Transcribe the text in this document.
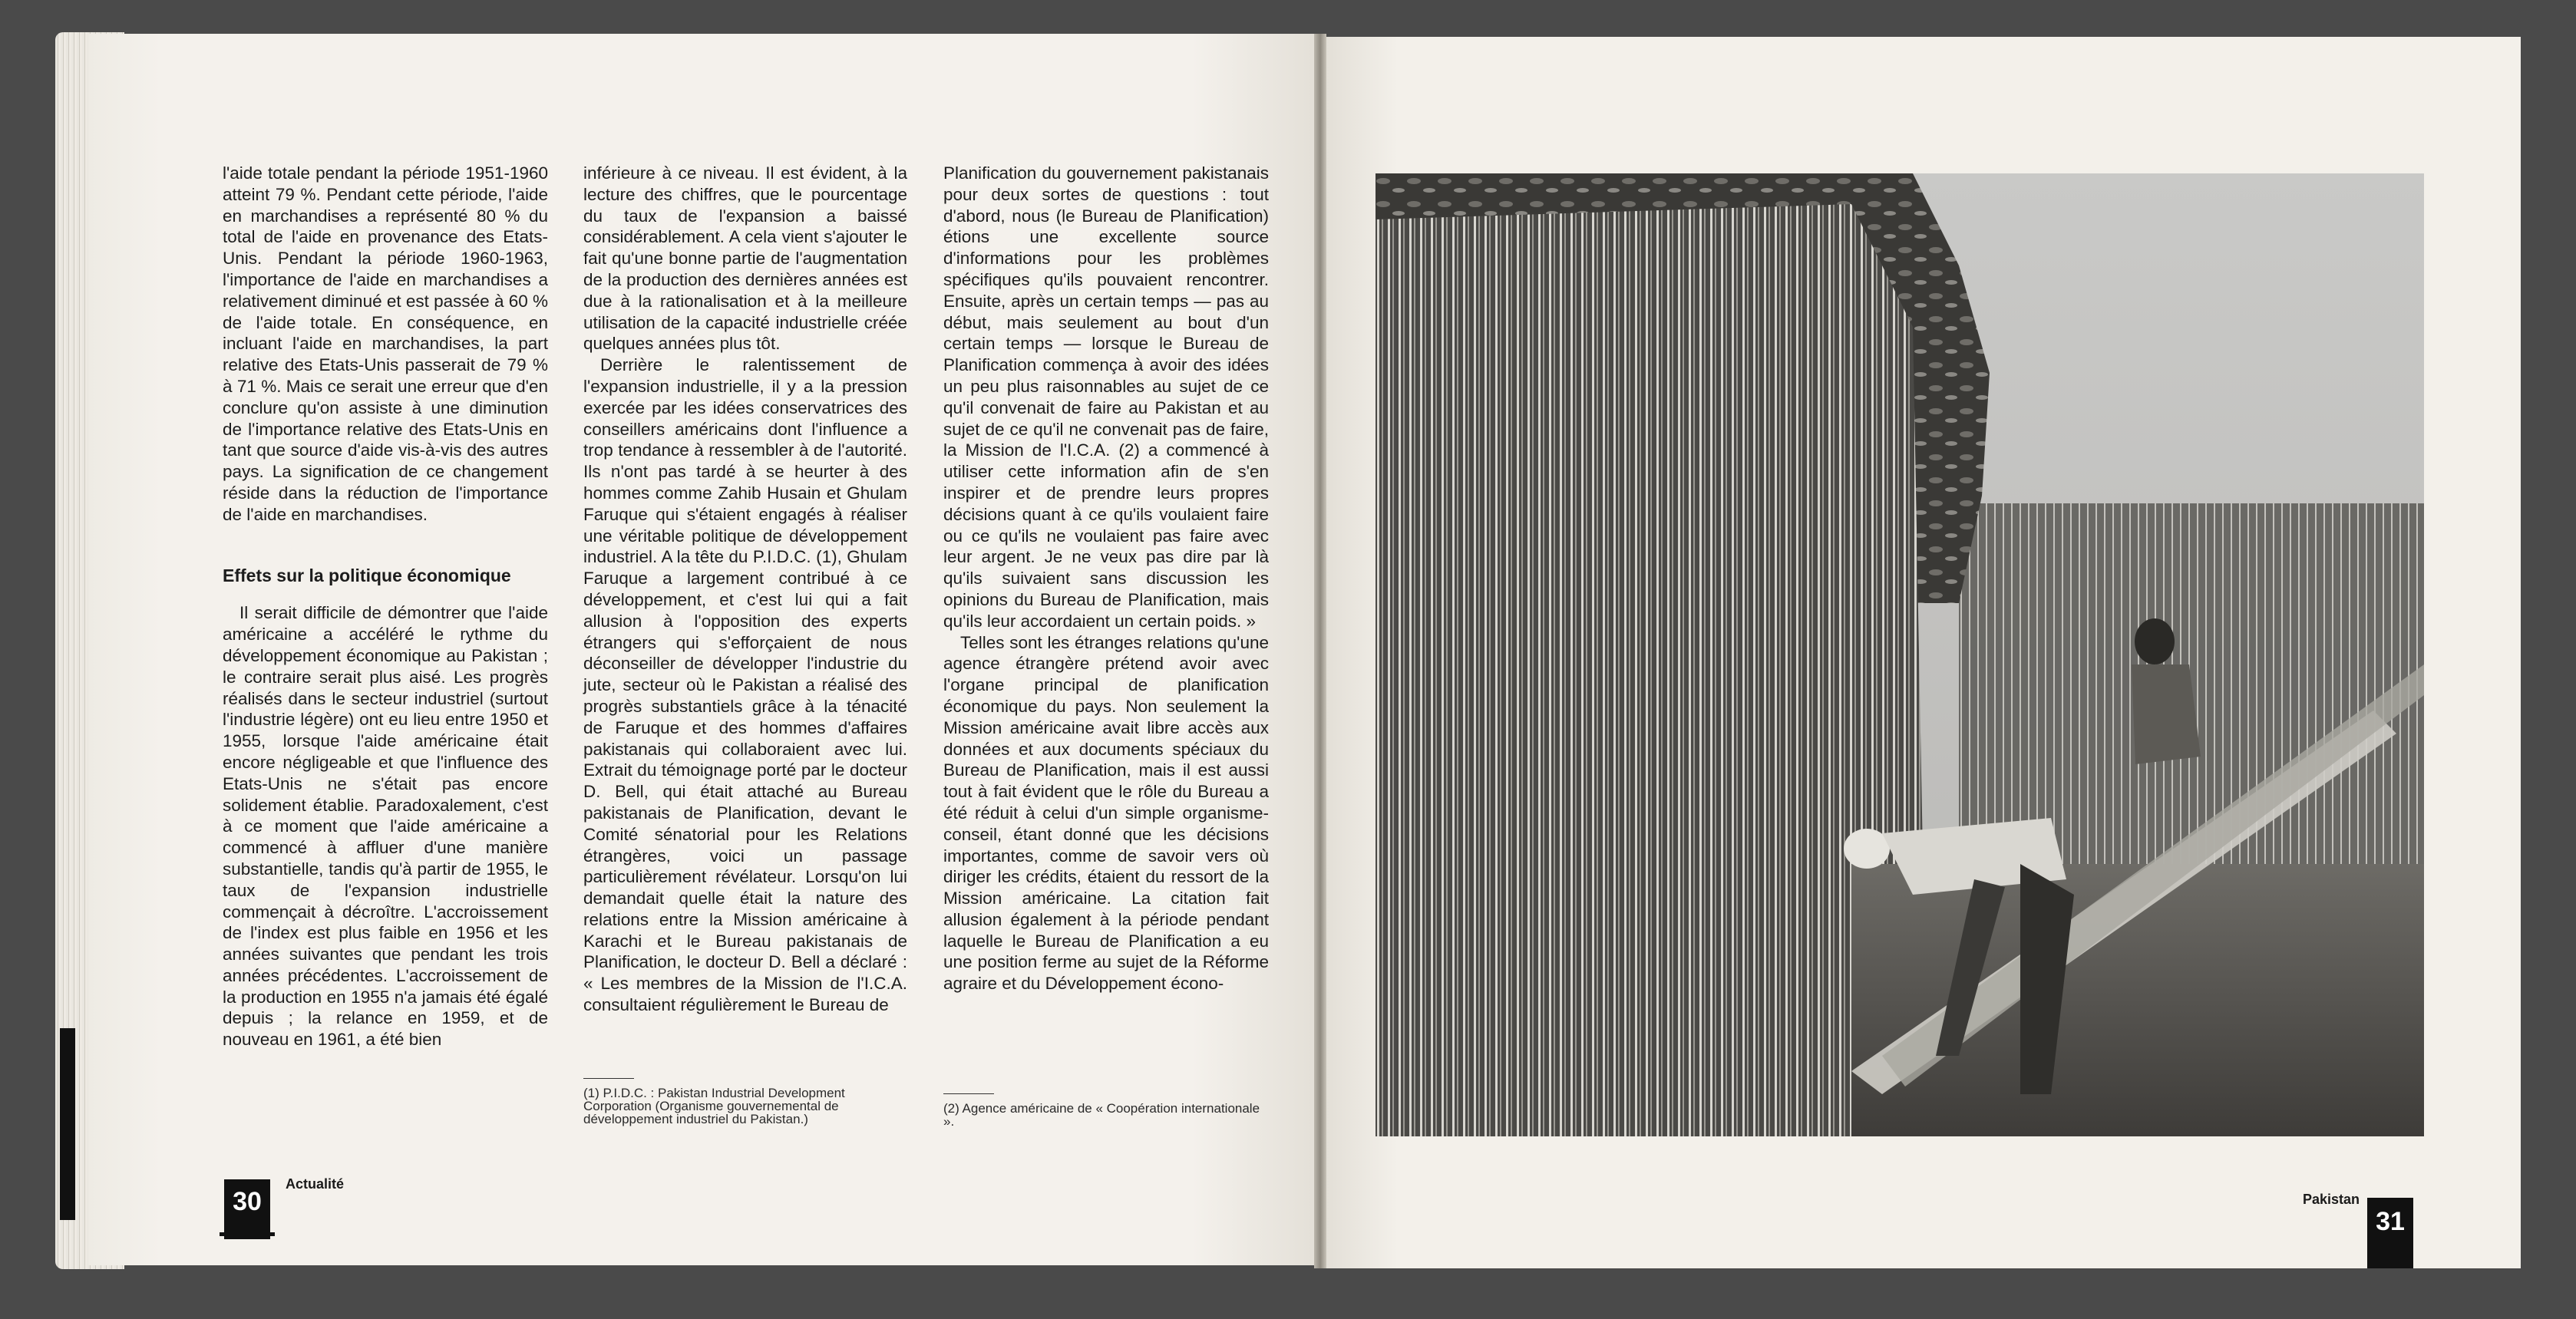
l'aide totale pendant la période 1951-1960 atteint 79 %. Pendant cette période, l'aide en marchandises a représenté 80 % du total de l'aide en provenance des Etats-Unis. Pendant la période 1960-1963, l'importance de l'aide en marchandises a relativement diminué et est passée à 60 % de l'aide totale. En conséquence, en incluant l'aide en marchandises, la part relative des Etats-Unis passerait de 79 % à 71 %. Mais ce serait une erreur que d'en conclure qu'on assiste à une diminution de l'importance relative des Etats-Unis en tant que source d'aide vis-à-vis des autres pays. La signification de ce changement réside dans la réduction de l'importance de l'aide en marchandises.

Effets sur la politique économique

Il serait difficile de démontrer que l'aide américaine a accéléré le rythme du développement économique au Pakistan ; le contraire serait plus aisé. Les progrès réalisés dans le secteur industriel (surtout l'industrie légère) ont eu lieu entre 1950 et 1955, lorsque l'aide américaine était encore négligeable et que l'influence des Etats-Unis ne s'était pas encore solidement établie. Paradoxalement, c'est à ce moment que l'aide américaine a commencé à affluer d'une manière substantielle, tandis qu'à partir de 1955, le taux de l'expansion industrielle commençait à décroître. L'accroissement de l'index est plus faible en 1956 et les années suivantes que pendant les trois années précédentes. L'accroissement de la production en 1955 n'a jamais été égalé depuis ; la relance en 1959, et de nouveau en 1961, a été bien

inférieure à ce niveau. Il est évident, à la lecture des chiffres, que le pourcentage du taux de l'expansion a baissé considérablement. A cela vient s'ajouter le fait qu'une bonne partie de l'augmentation de la production des dernières années est due à la rationalisation et à la meilleure utilisation de la capacité industrielle créée quelques années plus tôt.

Derrière le ralentissement de l'expansion industrielle, il y a la pression exercée par les idées conservatrices des conseillers américains dont l'influence a trop tendance à ressembler à de l'autorité. Ils n'ont pas tardé à se heurter à des hommes comme Zahib Husain et Ghulam Faruque qui s'étaient engagés à réaliser une véritable politique de développement industriel. A la tête du P.I.D.C. (1), Ghulam Faruque a largement contribué à ce développement, et c'est lui qui a fait allusion à l'opposition des experts étrangers qui s'efforçaient de nous déconseiller de développer l'industrie du jute, secteur où le Pakistan a réalisé des progrès substantiels grâce à la ténacité de Faruque et des hommes d'affaires pakistanais qui collaboraient avec lui. Extrait du témoignage porté par le docteur D. Bell, qui était attaché au Bureau pakistanais de Planification, devant le Comité sénatorial pour les Relations étrangères, voici un passage particulièrement révélateur. Lorsqu'on lui demandait quelle était la nature des relations entre la Mission américaine à Karachi et le Bureau pakistanais de Planification, le docteur D. Bell a déclaré : « Les membres de la Mission de l'I.C.A. consultaient régulièrement le Bureau de

(1) P.I.D.C. : Pakistan Industrial Development Corporation (Organisme gouvernemental de développement industriel du Pakistan.)

Planification du gouvernement pakistanais pour deux sortes de questions : tout d'abord, nous (le Bureau de Planification) étions une excellente source d'informations pour les problèmes spécifiques qu'ils pouvaient rencontrer. Ensuite, après un certain temps — pas au début, mais seulement au bout d'un certain temps — lorsque le Bureau de Planification commença à avoir des idées un peu plus raisonnables au sujet de ce qu'il convenait de faire au Pakistan et au sujet de ce qu'il ne convenait pas de faire, la Mission de l'I.C.A. (2) a commencé à utiliser cette information afin de s'en inspirer et de prendre leurs propres décisions quant à ce qu'ils voulaient faire ou ce qu'ils ne voulaient pas faire avec leur argent. Je ne veux pas dire par là qu'ils suivaient sans discussion les opinions du Bureau de Planification, mais qu'ils leur accordaient un certain poids. »

Telles sont les étranges relations qu'une agence étrangère prétend avoir avec l'organe principal de planification économique du pays. Non seulement la Mission américaine avait libre accès aux données et aux documents spéciaux du Bureau de Planification, mais il est aussi tout à fait évident que le rôle du Bureau a été réduit à celui d'un simple organisme-conseil, étant donné que les décisions importantes, comme de savoir vers où diriger les crédits, étaient du ressort de la Mission américaine. La citation fait allusion également à la période pendant laquelle le Bureau de Planification a eu une position ferme au sujet de la Réforme agraire et du Développement écono-

(2) Agence américaine de « Coopération internationale ».

30
Actualité
31
Pakistan
